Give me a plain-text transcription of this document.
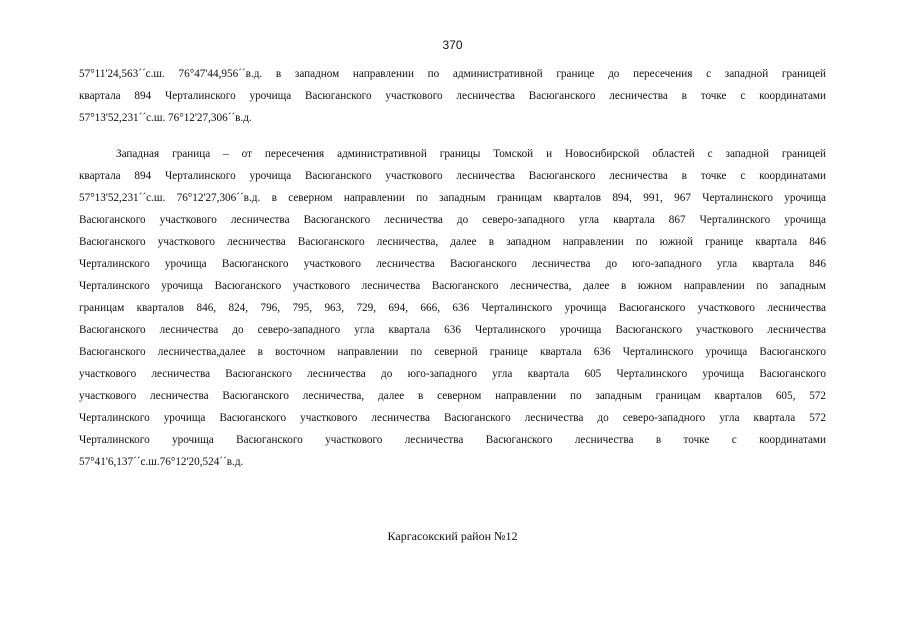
370
57°11'24,563´´с.ш. 76°47'44,956´´в.д. в западном направлении по административной границе до пересечения с западной границей
квартала 894 Черталинского урочища Васюганского участкового лесничества Васюганского лесничества в точке с координатами
57°13'52,231´´с.ш. 76°12'27,306´´в.д.
Западная граница – от пересечения административной границы Томской и Новосибирской областей с западной границей
квартала 894 Черталинского урочища Васюганского участкового лесничества Васюганского лесничества в точке с координатами
57°13'52,231´´с.ш. 76°12'27,306´´в.д. в северном направлении по западным границам кварталов 894, 991, 967 Черталинского урочища
Васюганского участкового лесничества Васюганского лесничества до северо-западного угла квартала 867 Черталинского урочища
Васюганского участкового лесничества Васюганского лесничества, далее в западном направлении по южной границе квартала 846
Черталинского урочища Васюганского участкового лесничества Васюганского лесничества до юго-западного угла квартала 846
Черталинского урочища Васюганского участкового лесничества Васюганского лесничества, далее в южном направлении по западным
границам кварталов 846, 824, 796, 795, 963, 729, 694, 666, 636 Черталинского урочища Васюганского участкового лесничества
Васюганского лесничества до северо-западного угла квартала 636 Черталинского урочища Васюганского участкового лесничества
Васюганского лесничества,далее в восточном направлении по северной границе квартала 636 Черталинского урочища Васюганского
участкового лесничества Васюганского лесничества до юго-западного угла квартала 605 Черталинского урочища Васюганского
участкового лесничества Васюганского лесничества, далее в северном направлении по западным границам кварталов 605, 572
Черталинского урочища Васюганского участкового лесничества Васюганского лесничества до северо-западного угла квартала 572
Черталинского урочища Васюганского участкового лесничества Васюганского лесничества в точке с координатами
57°41'6,137´´с.ш.76°12'20,524´´в.д.
Каргасокский район №12
